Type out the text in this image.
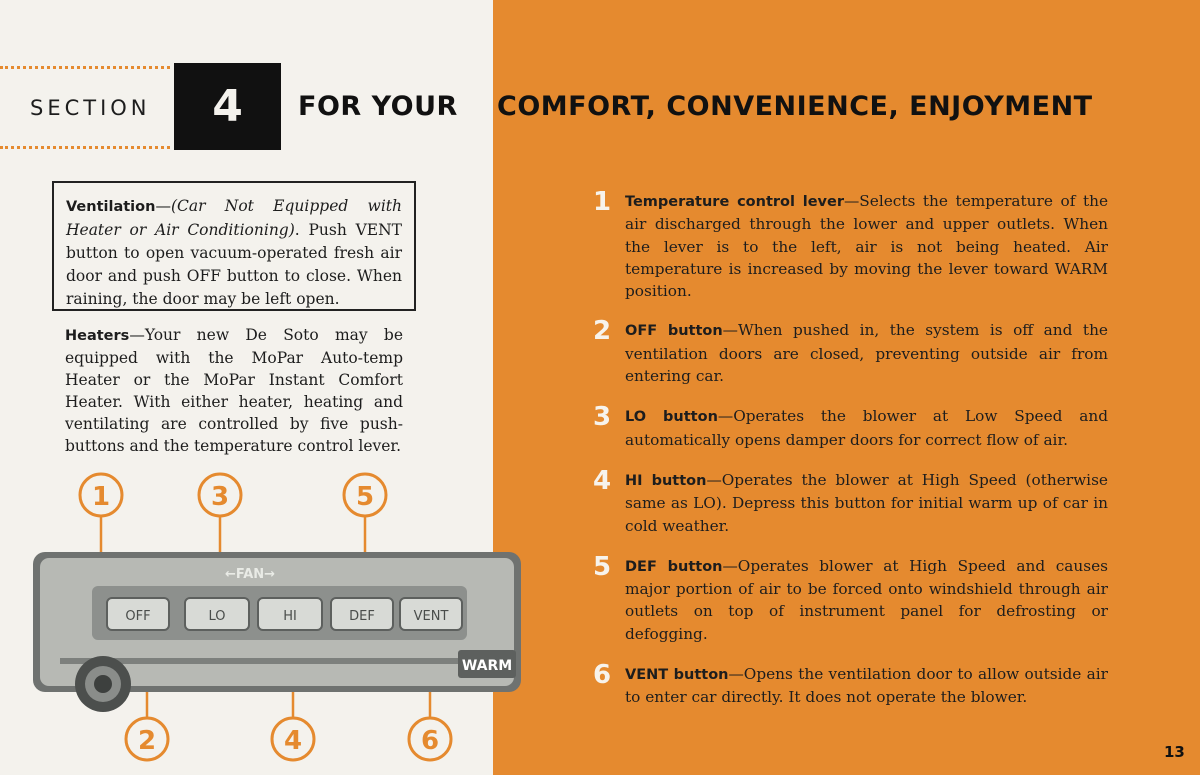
SECTION	4	FOR YOUR COMFORT, CONVENIENCE, ENJOYMENT
Ventilation—(Car Not Equipped with Heater or Air Conditioning). Push VENT button to open vacuum-operated fresh air door and push OFF button to close. When raining, the door may be left open.
Heaters—Your new De Soto may be equipped with the MoPar Auto-temp Heater or the MoPar Instant Comfort Heater. With either heater, heating and ventilating are controlled by five push-buttons and the temperature control lever.
WARM
←FAN→
OFF	LO	HI	DEF	VENT
1
2
3
4
5
6
1 Temperature control lever—Selects the temperature of the air discharged through the lower and upper outlets. When the lever is to the left, air is not being heated. Air temperature is increased by moving the lever toward WARM position.
2 OFF button—When pushed in, the system is off and the ventilation doors are closed, preventing outside air from entering car.
3 LO button—Operates the blower at Low Speed and automatically opens damper doors for correct flow of air.
4 HI button—Operates the blower at High Speed (otherwise same as LO). Depress this button for initial warm up of car in cold weather.
5 DEF button—Operates blower at High Speed and causes major portion of air to be forced onto windshield through air outlets on top of instrument panel for defrosting or defogging.
6 VENT button—Opens the ventilation door to allow outside air to enter car directly. It does not operate the blower.
13
